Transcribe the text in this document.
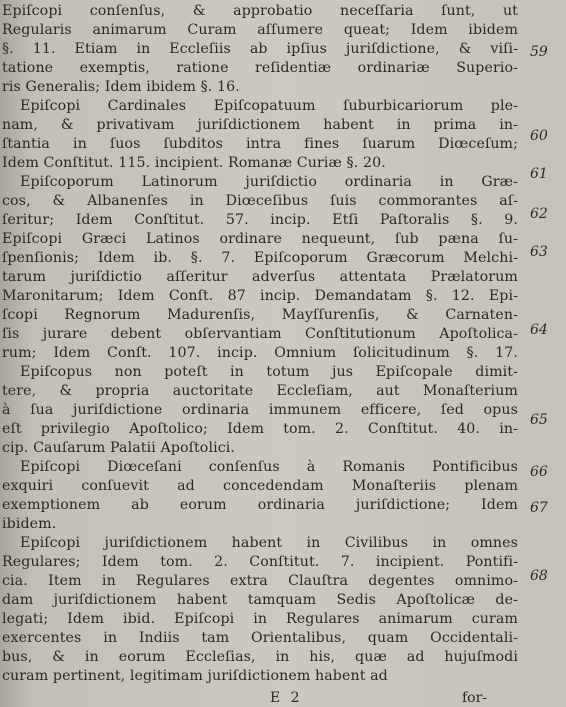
Epiſcopi conſenſus, & approbatio neceſſaria ſunt, ut
Regularis animarum Curam aſſumere queat; Idem ibidem
§. 11. Etiam in Eccleſiis ab ipſius juriſdictione, & viſi-
tatione exemptis, ratione reſidentiæ ordinariæ Superio-
ris Generalis; Idem ibidem §. 16.
Epiſcopi Cardinales Epiſcopatuum ſuburbicariorum ple-
nam, & privativam juriſdictionem habent in prima in-
ſtantia in ſuos ſubditos intra fines ſuarum Diœceſum;
Idem Conſtitut. 115. incipient. Romanæ Curiæ §. 20.
Epiſcoporum Latinorum juriſdictio ordinaria in Græ-
cos, & Albanenſes in Diœceſibus ſuis commorantes aſ-
ſeritur; Idem Conſtitut. 57. incip. Etſi Paſtoralis §. 9.
Epiſcopi Græci Latinos ordinare nequeunt, ſub pæna ſu-
ſpenſionis; Idem ib. §. 7. Epiſcoporum Græcorum Melchi-
tarum juriſdictio aſſeritur adverſus attentata Prælatorum
Maronitarum; Idem Conſt. 87 incip. Demandatam §. 12. Epi-
ſcopi Regnorum Madurenſis, Mayſſurenſis, & Carnaten-
ſis jurare debent obſervantiam Conſtitutionum Apoſtolica-
rum; Idem Conſt. 107. incip. Omnium ſolicitudinum §. 17.
Epiſcopus non poteſt in totum jus Epiſcopale dimit-
tere, & propria auctoritate Eccleſiam, aut Monaſterium
à ſua juriſdictione ordinaria immunem efficere, ſed opus
eſt privilegio Apoſtolico; Idem tom. 2. Conſtitut. 40. in-
cip. Cauſarum Palatii Apoſtolici.
Epiſcopi Diœceſani conſenſus à Romanis Pontificibus
exquiri conſuevit ad concedendam Monaſteriis plenam
exemptionem ab eorum ordinaria juriſdictione; Idem
ibidem.
Epiſcopi juriſdictionem habent in Civilibus in omnes
Regulares; Idem tom. 2. Conſtitut. 7. incipient. Pontifi-
cia. Item in Regulares extra Clauſtra degentes omnimo-
dam juriſdictionem habent tamquam Sedis Apoſtolicæ de-
legati; Idem ibid. Epiſcopi in Regulares animarum curam
exercentes in Indiis tam Orientalibus, quam Occidentali-
bus, & in eorum Eccleſias, in his, quæ ad hujuſmodi
curam pertinent, legitimam juriſdictionem habent ad
59
60
61
62
63
64
65
66
67
68
E 2	for-
